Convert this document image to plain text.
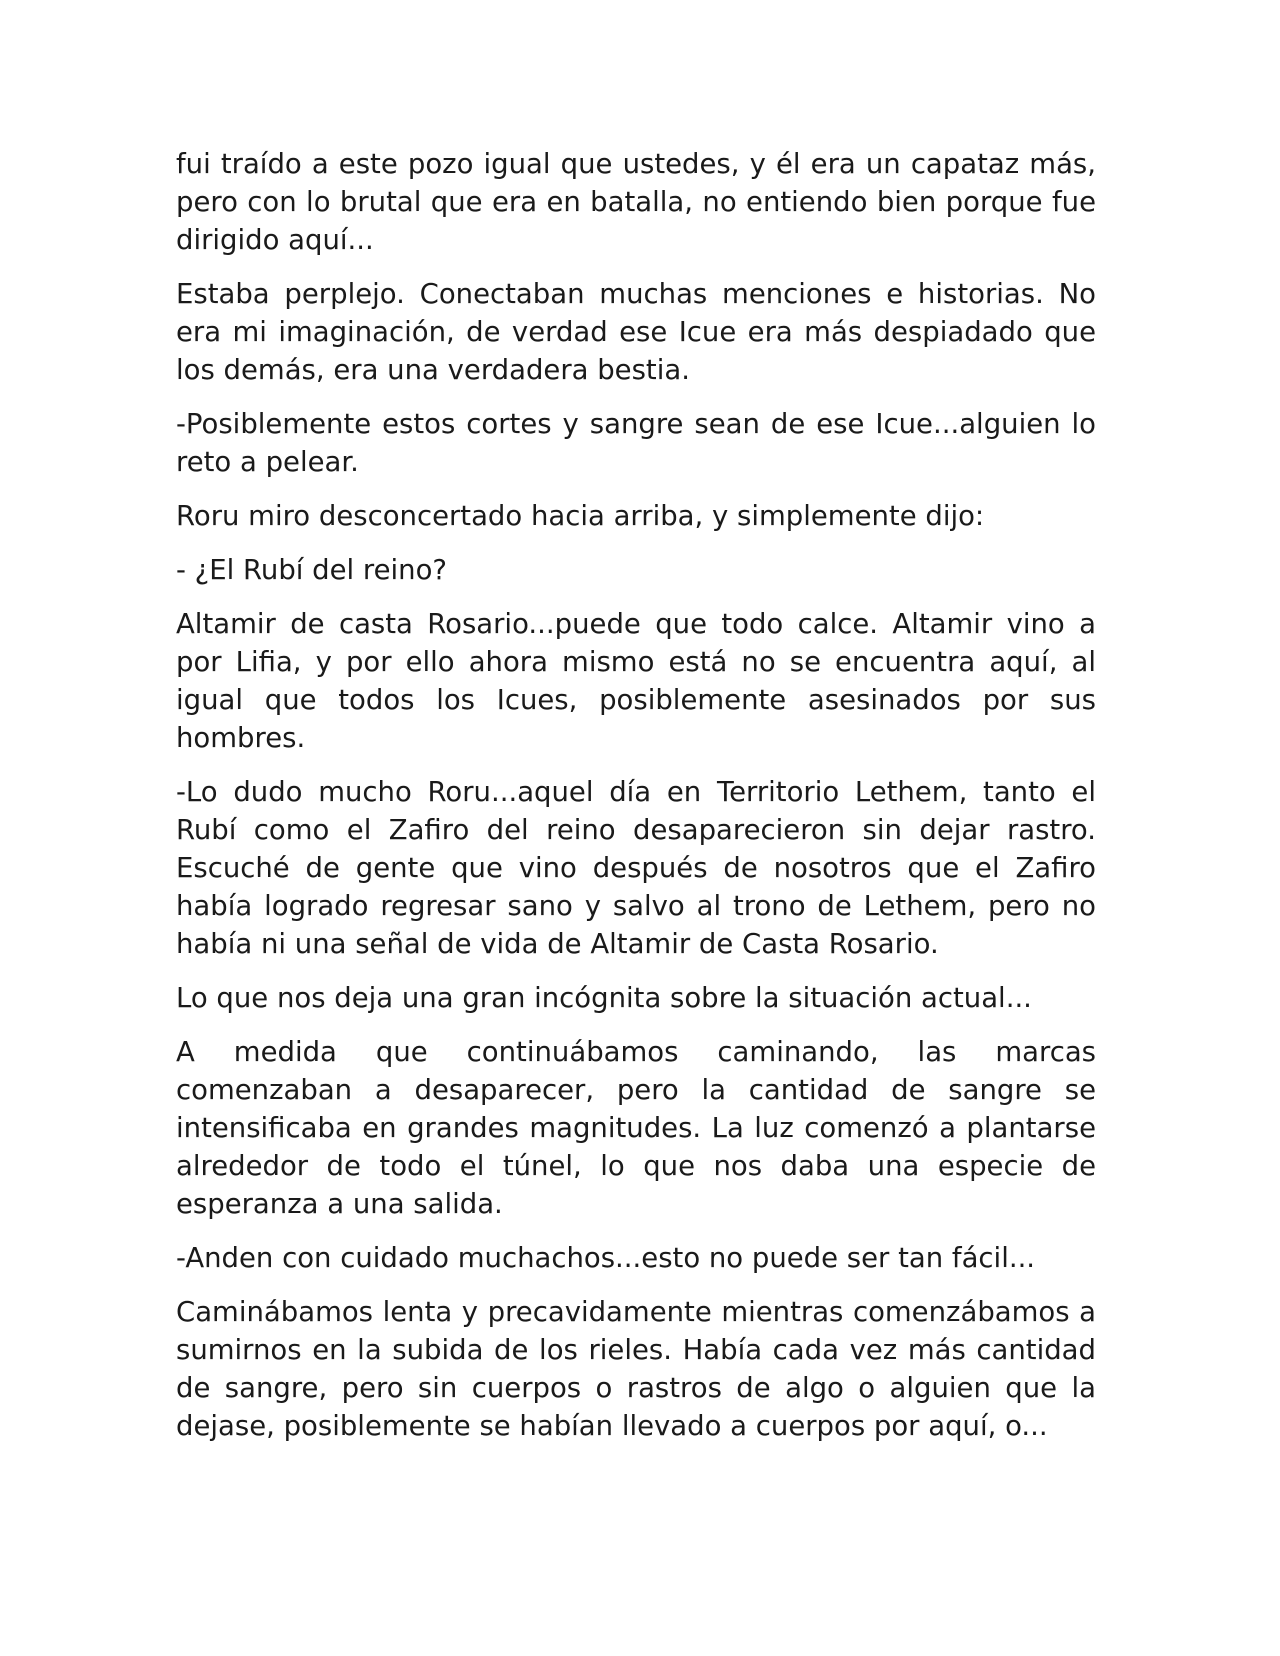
fui traído a este pozo igual que ustedes, y él era un capataz más, pero con lo brutal que era en batalla, no entiendo bien porque fue dirigido aquí...

Estaba perplejo. Conectaban muchas menciones e historias. No era mi imaginación, de verdad ese Icue era más despiadado que los demás, era una verdadera bestia.

-Posiblemente estos cortes y sangre sean de ese Icue...alguien lo reto a pelear.

Roru miro desconcertado hacia arriba, y simplemente dijo:

- ¿El Rubí del reino?

Altamir de casta Rosario...puede que todo calce. Altamir vino a por Lifia, y por ello ahora mismo está no se encuentra aquí, al igual que todos los Icues, posiblemente asesinados por sus hombres.

-Lo dudo mucho Roru...aquel día en Territorio Lethem, tanto el Rubí como el Zafiro del reino desaparecieron sin dejar rastro. Escuché de gente que vino después de nosotros que el Zafiro había logrado regresar sano y salvo al trono de Lethem, pero no había ni una señal de vida de Altamir de Casta Rosario.

Lo que nos deja una gran incógnita sobre la situación actual...

A medida que continuábamos caminando, las marcas comenzaban a desaparecer, pero la cantidad de sangre se intensificaba en grandes magnitudes. La luz comenzó a plantarse alrededor de todo el túnel, lo que nos daba una especie de esperanza a una salida.

-Anden con cuidado muchachos...esto no puede ser tan fácil...

Caminábamos lenta y precavidamente mientras comenzábamos a sumirnos en la subida de los rieles. Había cada vez más cantidad de sangre, pero sin cuerpos o rastros de algo o alguien que la dejase, posiblemente se habían llevado a cuerpos por aquí, o...
